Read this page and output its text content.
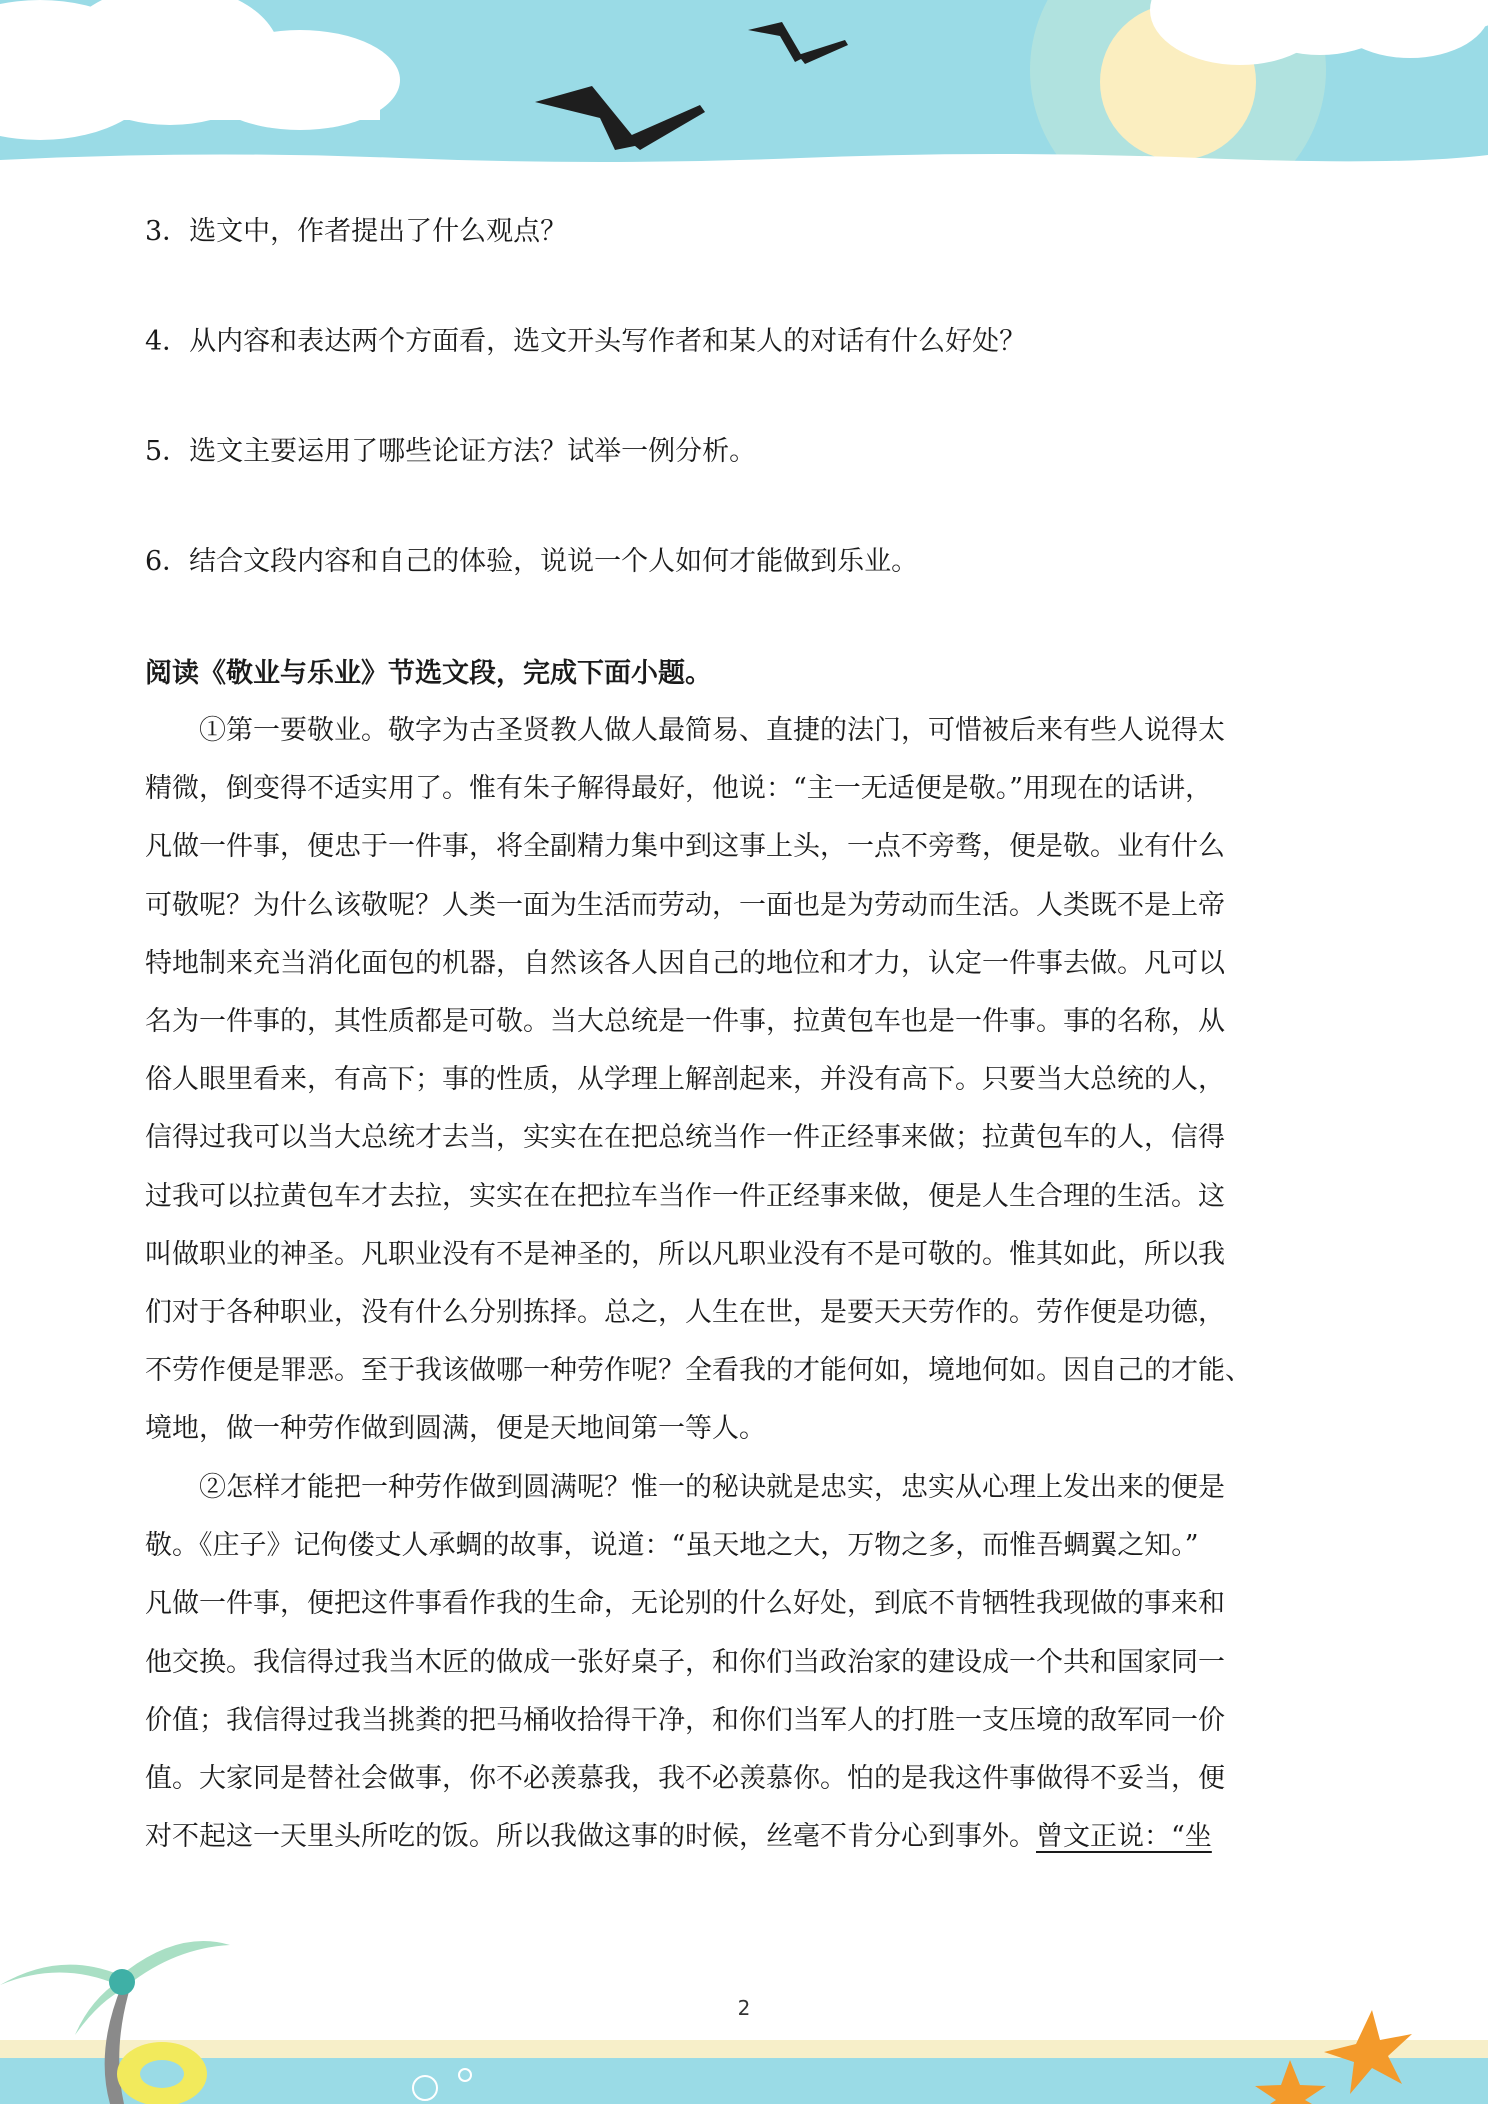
3．选文中，作者提出了什么观点？
4．从内容和表达两个方面看，选文开头写作者和某人的对话有什么好处？
5．选文主要运用了哪些论证方法？试举一例分析。
6．结合文段内容和自己的体验，说说一个人如何才能做到乐业。
阅读《敬业与乐业》节选文段，完成下面小题。
①第一要敬业。敬字为古圣贤教人做人最简易、直捷的法门，可惜被后来有些人说得太
精微，倒变得不适实用了。惟有朱子解得最好，他说：“主一无适便是敬。”用现在的话讲，
凡做一件事，便忠于一件事，将全副精力集中到这事上头，一点不旁骛，便是敬。业有什么
可敬呢？为什么该敬呢？人类一面为生活而劳动，一面也是为劳动而生活。人类既不是上帝
特地制来充当消化面包的机器，自然该各人因自己的地位和才力，认定一件事去做。凡可以
名为一件事的，其性质都是可敬。当大总统是一件事，拉黄包车也是一件事。事的名称，从
俗人眼里看来，有高下；事的性质，从学理上解剖起来，并没有高下。只要当大总统的人，
信得过我可以当大总统才去当，实实在在把总统当作一件正经事来做；拉黄包车的人，信得
过我可以拉黄包车才去拉，实实在在把拉车当作一件正经事来做，便是人生合理的生活。这
叫做职业的神圣。凡职业没有不是神圣的，所以凡职业没有不是可敬的。惟其如此，所以我
们对于各种职业，没有什么分别拣择。总之，人生在世，是要天天劳作的。劳作便是功德，
不劳作便是罪恶。至于我该做哪一种劳作呢？全看我的才能何如，境地何如。因自己的才能、
境地，做一种劳作做到圆满，便是天地间第一等人。
②怎样才能把一种劳作做到圆满呢？惟一的秘诀就是忠实，忠实从心理上发出来的便是
敬。《庄子》记佝偻丈人承蜩的故事，说道：“虽天地之大，万物之多，而惟吾蜩翼之知。”
凡做一件事，便把这件事看作我的生命，无论别的什么好处，到底不肯牺牲我现做的事来和
他交换。我信得过我当木匠的做成一张好桌子，和你们当政治家的建设成一个共和国家同一
价值；我信得过我当挑粪的把马桶收拾得干净，和你们当军人的打胜一支压境的敌军同一价
值。大家同是替社会做事，你不必羡慕我，我不必羡慕你。怕的是我这件事做得不妥当，便
对不起这一天里头所吃的饭。所以我做这事的时候，丝毫不肯分心到事外。曾文正说：“坐
2
